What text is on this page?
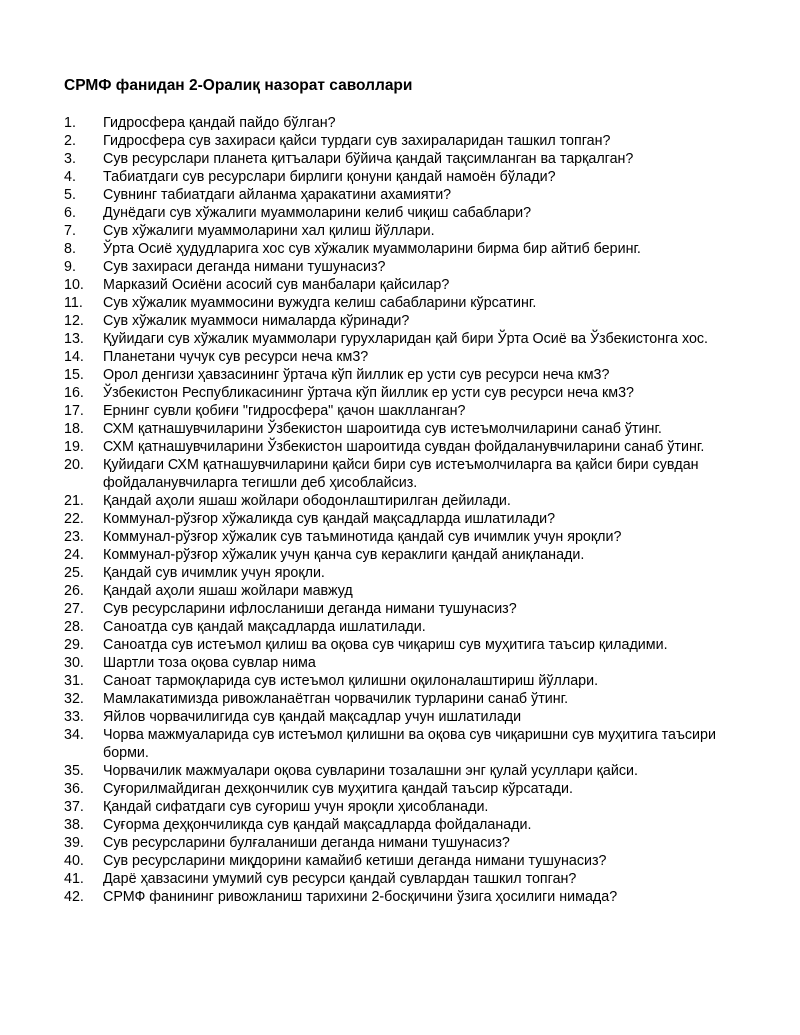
СРМФ фанидан 2-Оралиқ назорат саволлари
1.	Гидросфера қандай пайдо бўлган?
2.	Гидросфера сув захираси қайси турдаги сув захираларидан ташкил топган?
3.	Сув ресурслари планета қитъалари бўйича қандай тақсимланган ва тарқалган?
4.	Табиатдаги сув ресурслари бирлиги қонуни қандай намоён бўлади?
5.	Сувнинг табиатдаги айланма ҳаракатини ахамияти?
6.	Дунёдаги сув хўжалиги муаммоларини келиб чиқиш сабаблари?
7.	Сув хўжалиги муаммоларини хал қилиш йўллари.
8.	Ўрта Осиё ҳудудларига хос сув хўжалик муаммоларини бирма бир айтиб беринг.
9.	Сув захираси деганда нимани тушунасиз?
10.	Марказий Осиёни асосий сув манбалари қайсилар?
11.	Сув хўжалик муаммосини вужудга келиш сабабларини кўрсатинг.
12.	Сув хўжалик муаммоси нималарда кўринади?
13.	Қуйидаги сув хўжалик муаммолари гурухларидан қай бири Ўрта Осиё ва Ўзбекистонга хос.
14.	Планетани чучук сув ресурси неча км3?
15.	Орол денгизи ҳавзасининг ўртача кўп йиллик ер усти сув ресурси неча км3?
16.	Ўзбекистон Республикасининг ўртача кўп йиллик ер усти сув ресурси неча км3?
17.	Ернинг сувли қобиғи "гидросфера" қачон шаклланган?
18.	СХМ қатнашувчиларини Ўзбекистон шароитида сув истеъмолчиларини санаб ўтинг.
19.	СХМ қатнашувчиларини Ўзбекистон шароитида сувдан фойдаланувчиларини санаб ўтинг.
20.	Қуйидаги СХМ қатнашувчиларини қайси бири сув истеъмолчиларга ва қайси бири сувдан фойдаланувчиларга тегишли деб ҳисоблайсиз.
21.	Қандай аҳоли яшаш жойлари ободонлаштирилган дейилади.
22.	Коммунал-рўзғор хўжаликда сув қандай мақсадларда ишлатилади?
23.	Коммунал-рўзғор хўжалик сув таъминотида қандай сув ичимлик учун яроқли?
24.	Коммунал-рўзғор хўжалик учун қанча сув кераклиги қандай аниқланади.
25.	Қандай сув ичимлик учун яроқли.
26.	Қандай аҳоли яшаш жойлари мавжуд
27.	Сув ресурсларини ифлосланиши деганда нимани тушунасиз?
28.	Саноатда сув қандай мақсадларда ишлатилади.
29.	Саноатда сув истеъмол қилиш ва оқова сув чиқариш сув муҳитига таъсир қиладими.
30.	Шартли тоза оқова сувлар нима
31.	Саноат тармоқларида сув истеъмол қилишни оқилоналаштириш йўллари.
32.	Мамлакатимизда ривожланаётган чорвачилик турларини санаб ўтинг.
33.	Яйлов чорвачилигида сув қандай мақсадлар учун ишлатилади
34.	Чорва мажмуаларида сув истеъмол қилишни ва оқова сув чиқаришни сув муҳитига таъсири борми.
35.	Чорвачилик мажмуалари оқова сувларини тозалашни энг қулай усуллари қайси.
36.	Суғорилмайдиган дехқончилик сув муҳитига қандай таъсир кўрсатади.
37.	Қандай сифатдаги сув суғориш учун яроқли ҳисобланади.
38.	Суғорма деҳқончиликда сув қандай мақсадларда фойдаланади.
39.	Сув ресурсларини булғаланиши деганда нимани тушунасиз?
40.	Сув ресурсларини миқдорини камайиб кетиши деганда нимани тушунасиз?
41.	Дарё ҳавзасини умумий сув ресурси қандай сувлардан ташкил топган?
42.	СРМФ фанининг ривожланиш тарихини 2-босқичини ўзига ҳосилиги нимада?
